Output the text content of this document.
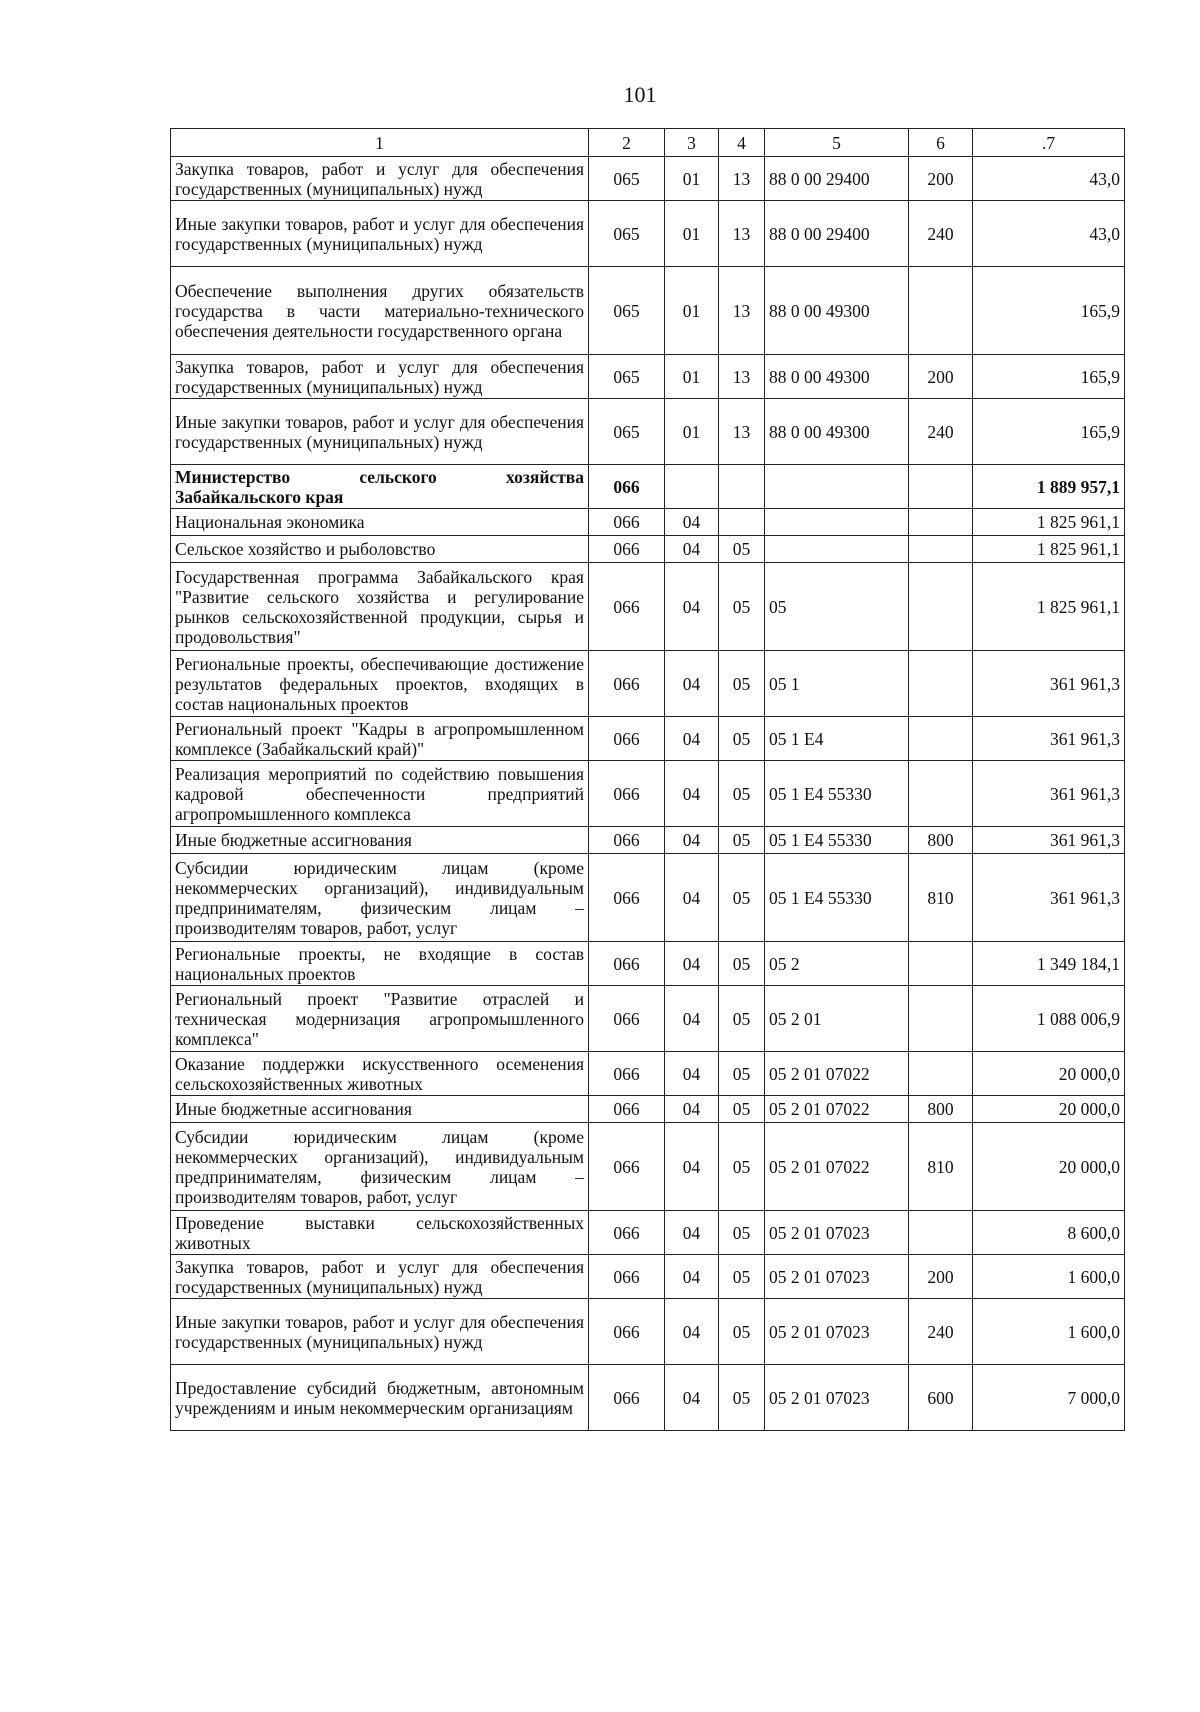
101
1	2	3	4	5	6	.7
Закупка товаров, работ и услуг для обеспечения государственных (муниципальных) нужд	065	01	13	88 0 00 29400	200	43,0
Иные закупки товаров, работ и услуг для обеспечения государственных (муниципальных) нужд	065	01	13	88 0 00 29400	240	43,0
Обеспечение выполнения других обязательств государства в части материально-технического обеспечения деятельности государственного органа	065	01	13	88 0 00 49300		165,9
Закупка товаров, работ и услуг для обеспечения государственных (муниципальных) нужд	065	01	13	88 0 00 49300	200	165,9
Иные закупки товаров, работ и услуг для обеспечения государственных (муниципальных) нужд	065	01	13	88 0 00 49300	240	165,9
Министерство сельского хозяйства Забайкальского края	066					1 889 957,1
Национальная экономика	066	04				1 825 961,1
Сельское хозяйство и рыболовство	066	04	05			1 825 961,1
Государственная программа Забайкальского края "Развитие сельского хозяйства и регулирование рынков сельскохозяйственной продукции, сырья и продовольствия"	066	04	05	05		1 825 961,1
Региональные проекты, обеспечивающие достижение результатов федеральных проектов, входящих в состав национальных проектов	066	04	05	05 1		361 961,3
Региональный проект "Кадры в агропромышленном комплексе (Забайкальский край)"	066	04	05	05 1 Е4		361 961,3
Реализация мероприятий по содействию повышения кадровой обеспеченности предприятий агропромышленного комплекса	066	04	05	05 1 Е4 55330		361 961,3
Иные бюджетные ассигнования	066	04	05	05 1 Е4 55330	800	361 961,3
Субсидии юридическим лицам (кроме некоммерческих организаций), индивидуальным предпринимателям, физическим лицам – производителям товаров, работ, услуг	066	04	05	05 1 Е4 55330	810	361 961,3
Региональные проекты, не входящие в состав национальных проектов	066	04	05	05 2		1 349 184,1
Региональный проект "Развитие отраслей и техническая модернизация агропромышленного комплекса"	066	04	05	05 2 01		1 088 006,9
Оказание поддержки искусственного осеменения сельскохозяйственных животных	066	04	05	05 2 01 07022		20 000,0
Иные бюджетные ассигнования	066	04	05	05 2 01 07022	800	20 000,0
Субсидии юридическим лицам (кроме некоммерческих организаций), индивидуальным предпринимателям, физическим лицам – производителям товаров, работ, услуг	066	04	05	05 2 01 07022	810	20 000,0
Проведение выставки сельскохозяйственных животных	066	04	05	05 2 01 07023		8 600,0
Закупка товаров, работ и услуг для обеспечения государственных (муниципальных) нужд	066	04	05	05 2 01 07023	200	1 600,0
Иные закупки товаров, работ и услуг для обеспечения государственных (муниципальных) нужд	066	04	05	05 2 01 07023	240	1 600,0
Предоставление субсидий бюджетным, автономным учреждениям и иным некоммерческим организациям	066	04	05	05 2 01 07023	600	7 000,0
